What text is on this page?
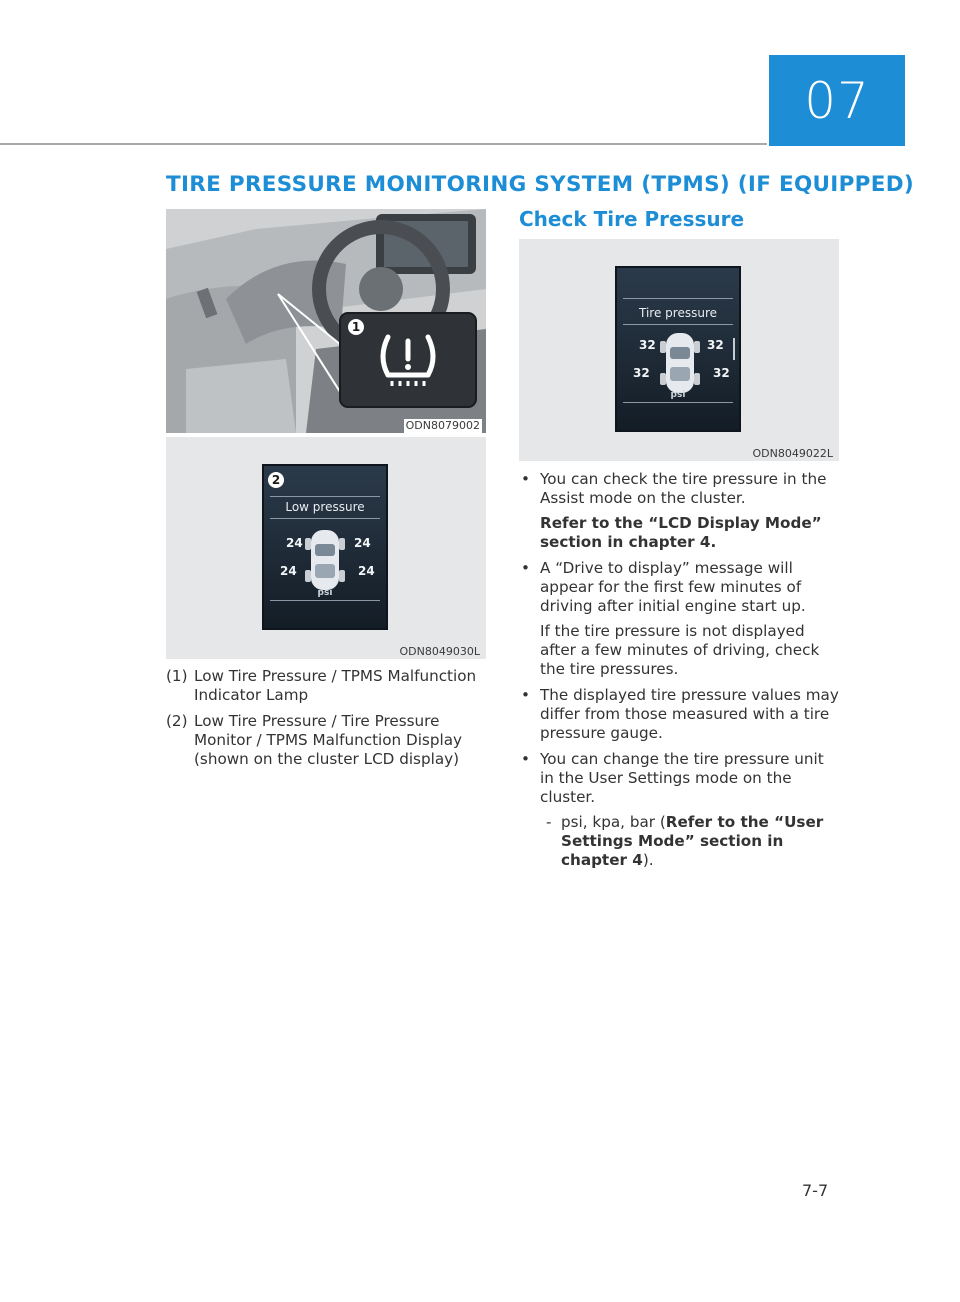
07
TIRE PRESSURE MONITORING SYSTEM (TPMS) (IF EQUIPPED)
1
ODN8079002
2
Low pressure
24	24
24	24
psi
ODN8049030L
(1) Low Tire Pressure / TPMS Malfunction Indicator Lamp
(2) Low Tire Pressure / Tire Pressure Monitor / TPMS Malfunction Display (shown on the cluster LCD display)
Check Tire Pressure
Tire pressure
32	32
32	32
psi
ODN8049022L
• You can check the tire pressure in the Assist mode on the cluster.

Refer to the “LCD Display Mode” section in chapter 4.

• A “Drive to display” message will appear for the first few minutes of driving after initial engine start up.

If the tire pressure is not displayed after a few minutes of driving, check the tire pressures.

• The displayed tire pressure values may differ from those measured with a tire pressure gauge.

• You can change the tire pressure unit in the User Settings mode on the cluster.

- psi, kpa, bar (Refer to the “User Settings Mode” section in chapter 4).
7-7
